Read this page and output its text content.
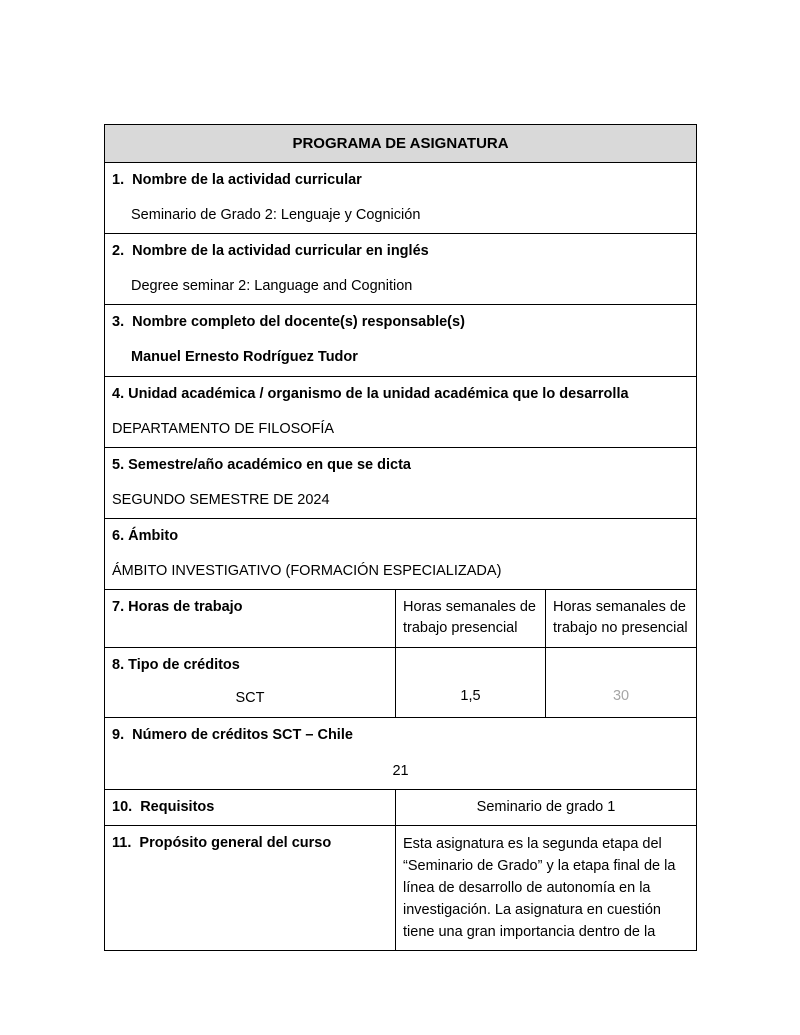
PROGRAMA DE ASIGNATURA		

1.  Nombre de la actividad curricular
Seminario de Grado 2: Lenguaje y Cognición		

2.  Nombre de la actividad curricular en inglés
Degree seminar 2: Language and Cognition		

3.  Nombre completo del docente(s) responsable(s)
Manuel Ernesto Rodríguez Tudor		

4. Unidad académica / organismo de la unidad académica que lo desarrolla
DEPARTAMENTO DE FILOSOFÍA		

5. Semestre/año académico en que se dicta
SEGUNDO SEMESTRE DE 2024		

6. Ámbito
ÁMBITO INVESTIGATIVO (FORMACIÓN ESPECIALIZADA)		

7. Horas de trabajo	Horas semanales de trabajo presencial	Horas semanales de trabajo no presencial

8. Tipo de créditos
SCT	1,5	30

9.  Número de créditos SCT – Chile
21		

10.  Requisitos	Seminario de grado 1	

11.  Propósito general del curso	Esta asignatura es la segunda etapa del “Seminario de Grado” y la etapa final de la línea de desarrollo de autonomía en la investigación. La asignatura en cuestión tiene una gran importancia dentro de la	
